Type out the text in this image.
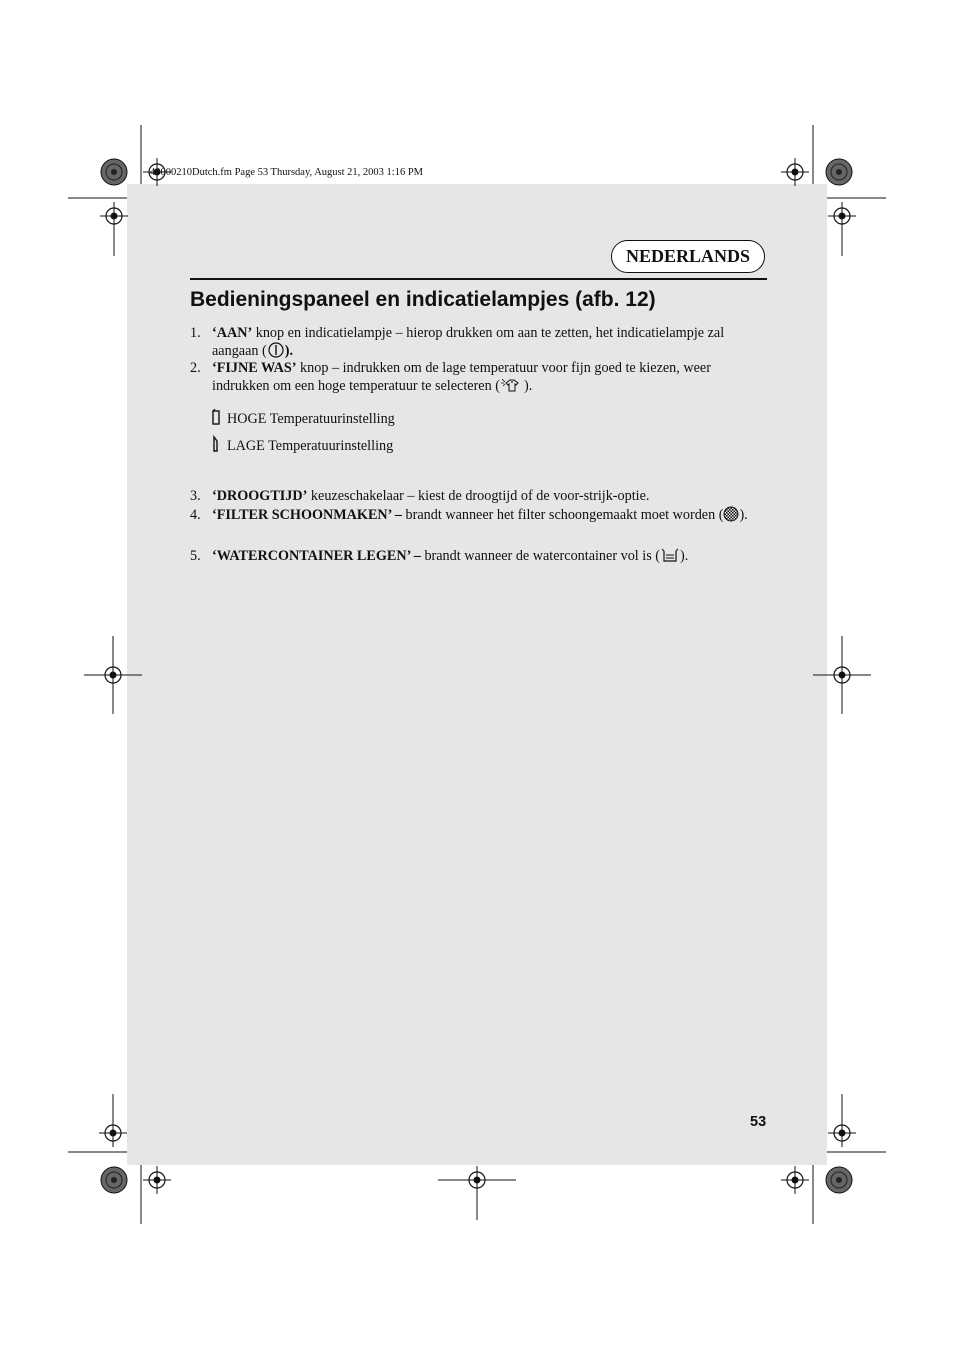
40000210Dutch.fm Page 53 Thursday, August 21, 2003 1:16 PM
NEDERLANDS
Bedieningspaneel en indicatielampjes (afb. 12)
1. ‘AAN’ knop en indicatielampje – hierop drukken om aan te zetten, het indicatielampje zal aangaan ( ).
2. ‘FIJNE WAS’ knop – indrukken om de lage temperatuur voor fijn goed te kiezen, weer indrukken om een hoge temperatuur te selecteren ( ).
HOGE Temperatuurinstelling
LAGE Temperatuurinstelling
3. ‘DROOGTIJD’ keuzeschakelaar – kiest de droogtijd of de voor-strijk-optie.
4. ‘FILTER SCHOONMAKEN’ – brandt wanneer het filter schoongemaakt moet worden ( ).
5. ‘WATERCONTAINER LEGEN’ – brandt wanneer de watercontainer vol is ( ).
53
